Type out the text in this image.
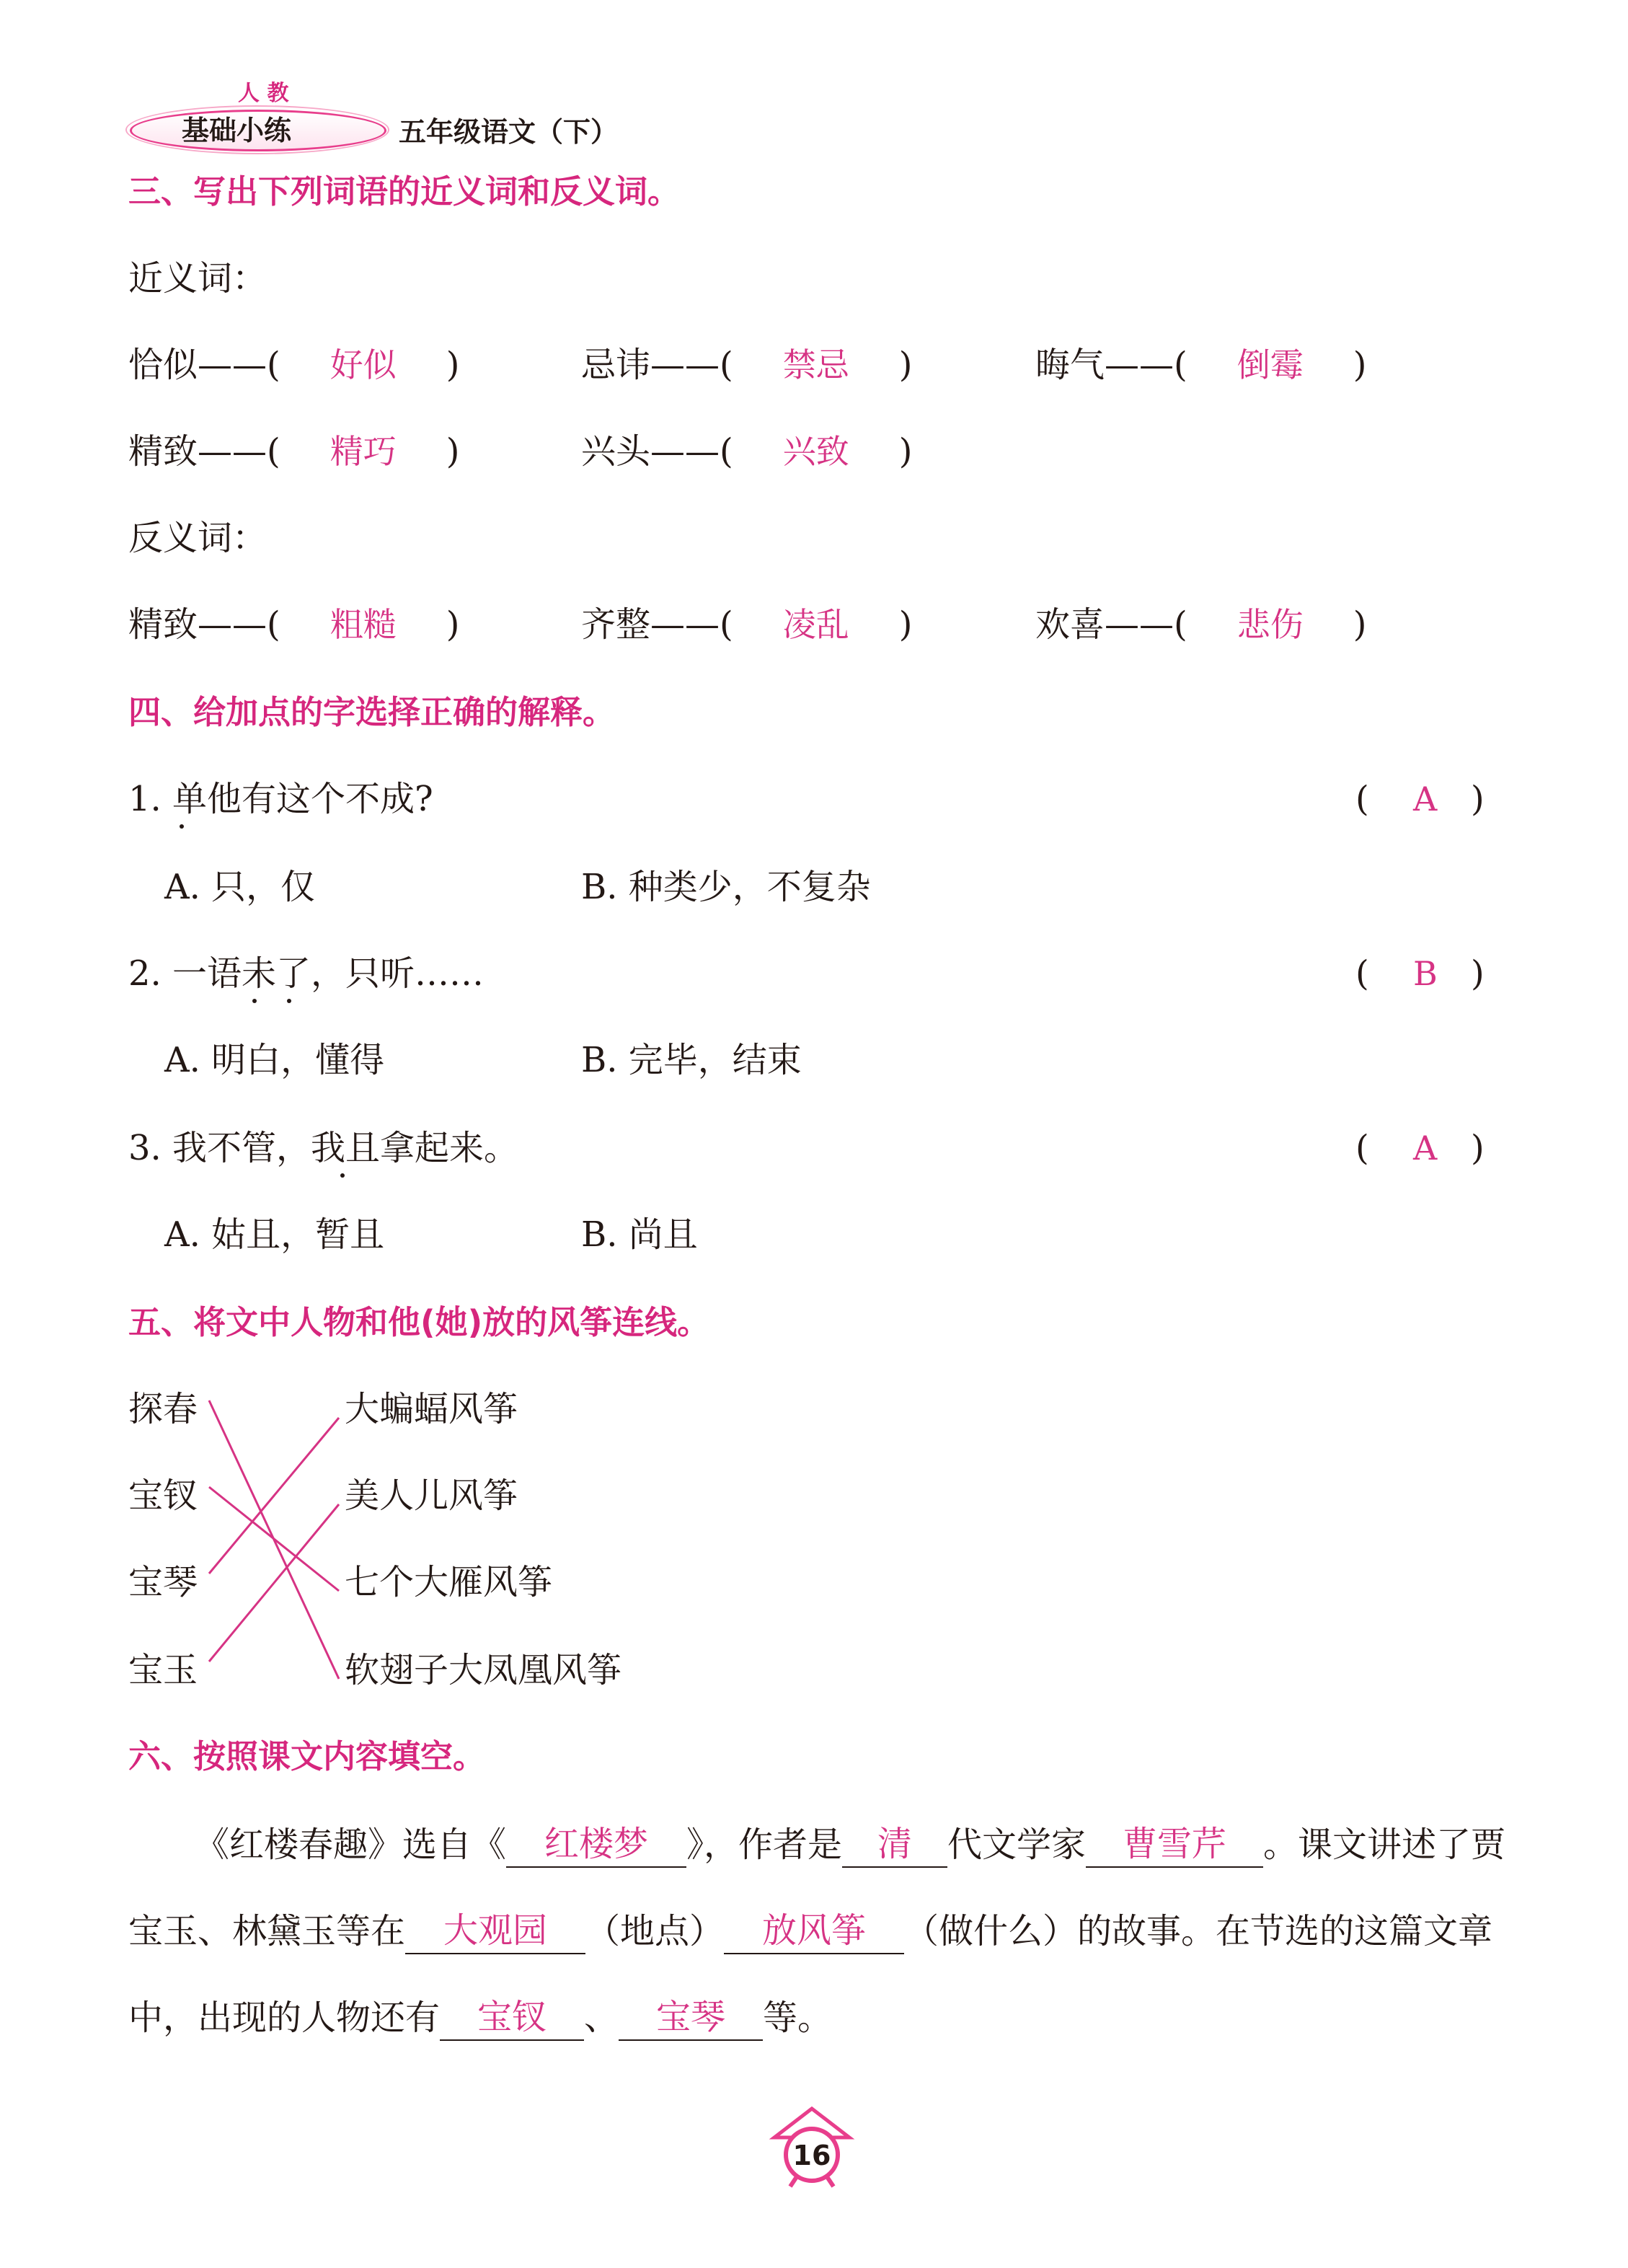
人 教
基础小练	五年级语文（下）
三、写出下列词语的近义词和反义词。
近义词：
恰似——( 好似 )	忌讳——( 禁忌 )	晦气——( 倒霉 )
精致——( 精巧 )	兴头——( 兴致 )
反义词：
精致——( 粗糙 )	齐整——( 凌乱 )	欢喜——( 悲伤 )
四、给加点的字选择正确的解释。
1. 单他有这个不成?	( A )
A. 只，仅	B. 种类少，不复杂
2. 一语未了，只听……	( B )
A. 明白，懂得	B. 完毕，结束
3. 我不管，我且拿起来。	( A )
A. 姑且，暂且	B. 尚且
五、将文中人物和他(她)放的风筝连线。
探春
宝钗
宝琴
宝玉
大蝙蝠风筝
美人儿风筝
七个大雁风筝
软翅子大凤凰风筝
六、按照课文内容填空。
《红楼春趣》选自《 红楼梦 》，作者是 清 代文学家 曹雪芹 。课文讲述了贾
宝玉、林黛玉等在 大观园 （地点） 放风筝 （做什么）的故事。在节选的这篇文章
中，出现的人物还有 宝钗 、 宝琴 等。
16
